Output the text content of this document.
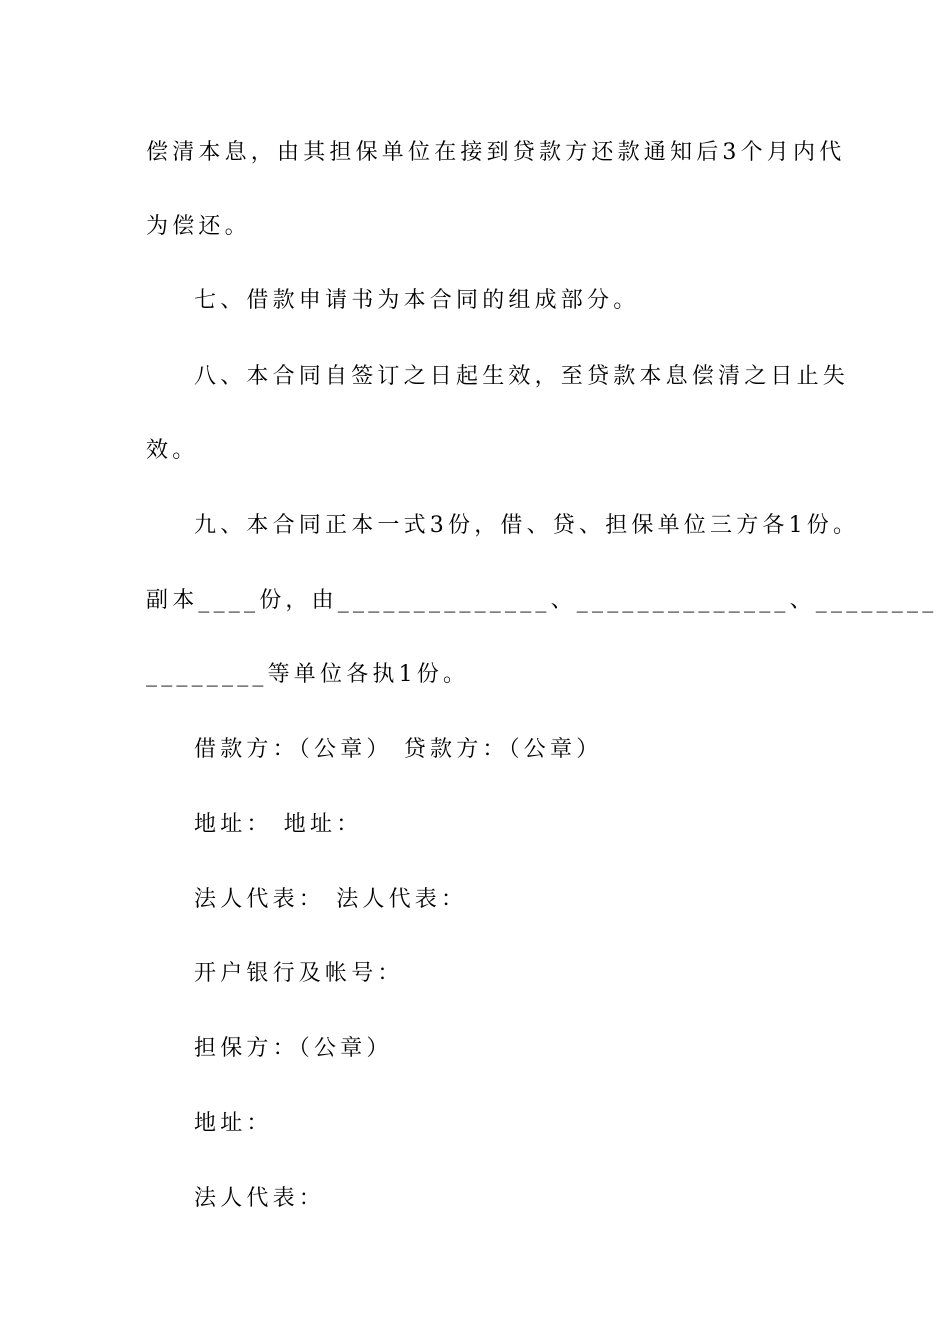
偿清本息，由其担保单位在接到贷款方还款通知后3个月内代
为偿还。
七、借款申请书为本合同的组成部分。
八、本合同自签订之日起生效，至贷款本息偿清之日止失
效。
九、本合同正本一式3份，借、贷、担保单位三方各1份。
副本____份，由______________、______________、________
________等单位各执1份。
借款方：（公章） 贷款方：（公章）
地址： 地址：
法人代表： 法人代表：
开户银行及帐号：
担保方：（公章）
地址：
法人代表：
